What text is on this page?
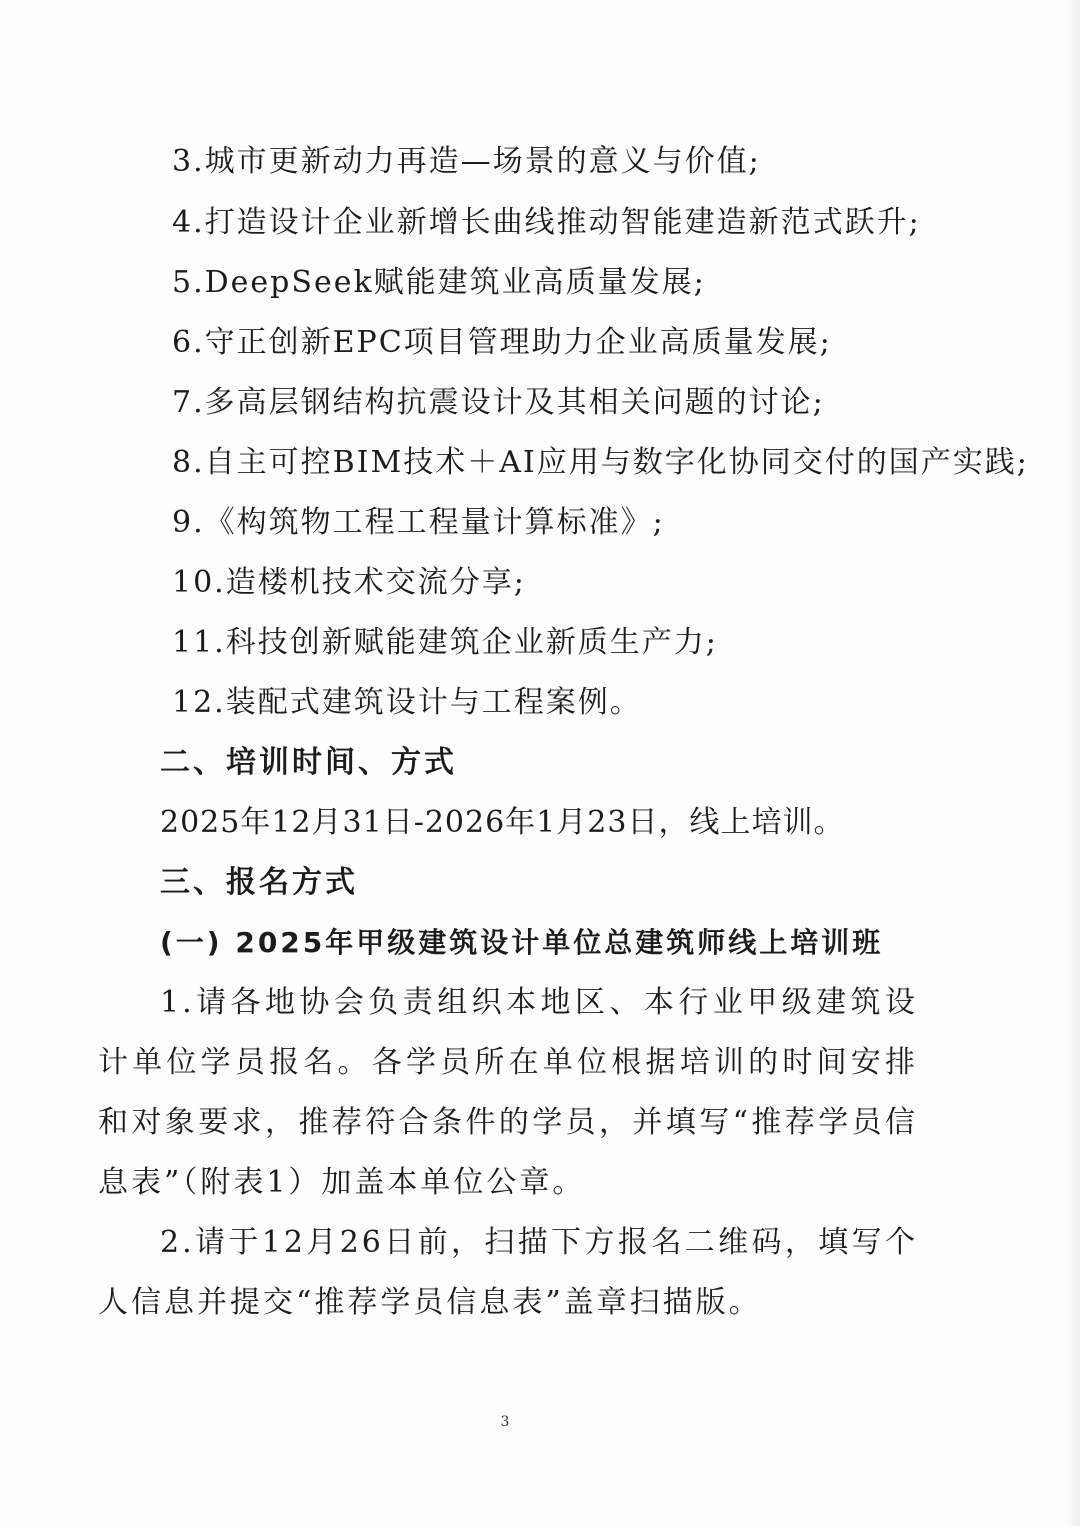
3.城市更新动力再造—场景的意义与价值;
4.打造设计企业新增长曲线推动智能建造新范式跃升;
5.DeepSeek赋能建筑业高质量发展;
6.守正创新EPC项目管理助力企业高质量发展;
7.多高层钢结构抗震设计及其相关问题的讨论;
8.自主可控BIM技术＋AI应用与数字化协同交付的国产实践;
9.《构筑物工程工程量计算标准》;
10.造楼机技术交流分享;
11.科技创新赋能建筑企业新质生产力;
12.装配式建筑设计与工程案例。
二、培训时间、方式
2025年12月31日-2026年1月23日，线上培训。
三、报名方式
(一) 2025年甲级建筑设计单位总建筑师线上培训班
1.请各地协会负责组织本地区、本行业甲级建筑设计单位学员报名。各学员所在单位根据培训的时间安排和对象要求，推荐符合条件的学员，并填写“推荐学员信息表”（附表1）加盖本单位公章。
2.请于12月26日前，扫描下方报名二维码，填写个人信息并提交“推荐学员信息表”盖章扫描版。
3
